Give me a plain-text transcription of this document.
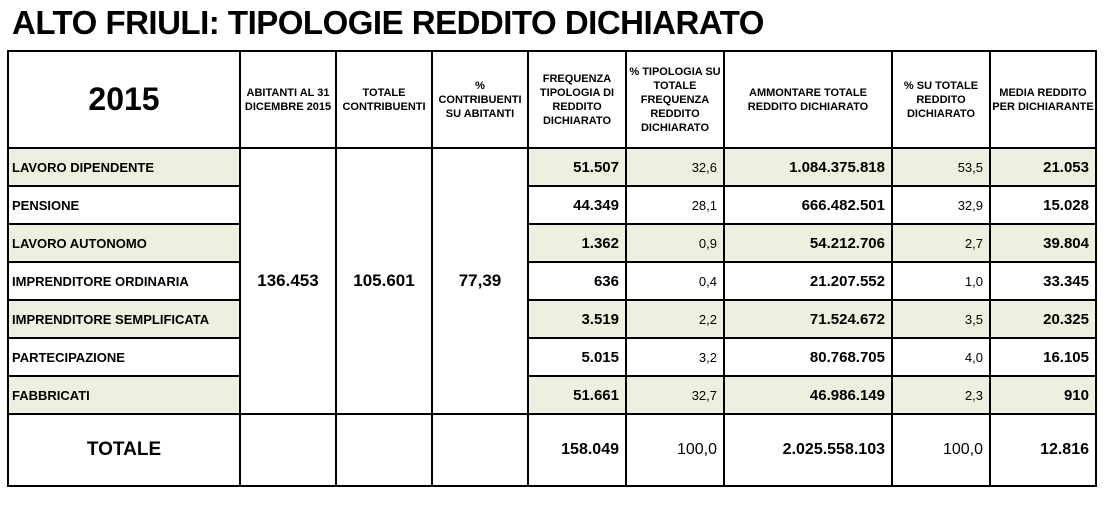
ALTO FRIULI: TIPOLOGIE REDDITO DICHIARATO
2015	ABITANTI AL 31 DICEMBRE 2015	TOTALE CONTRIBUENTI	% CONTRIBUENTI SU ABITANTI	FREQUENZA TIPOLOGIA DI REDDITO DICHIARATO	% TIPOLOGIA SU TOTALE FREQUENZA REDDITO DICHIARATO	AMMONTARE TOTALE REDDITO DICHIARATO	% SU TOTALE REDDITO DICHIARATO	MEDIA REDDITO PER DICHIARANTE
LAVORO DIPENDENTE	136.453	105.601	77,39	51.507	32,6	1.084.375.818	53,5	21.053
PENSIONE				44.349	28,1	666.482.501	32,9	15.028
LAVORO AUTONOMO				1.362	0,9	54.212.706	2,7	39.804
IMPRENDITORE ORDINARIA				636	0,4	21.207.552	1,0	33.345
IMPRENDITORE SEMPLIFICATA				3.519	2,2	71.524.672	3,5	20.325
PARTECIPAZIONE				5.015	3,2	80.768.705	4,0	16.105
FABBRICATI				51.661	32,7	46.986.149	2,3	910
TOTALE				158.049	100,0	2.025.558.103	100,0	12.816
